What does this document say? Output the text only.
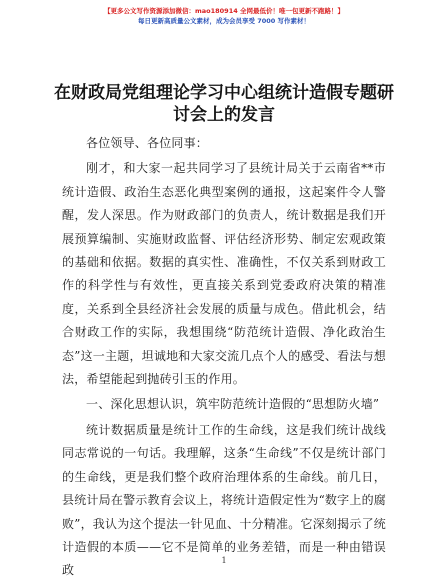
【更多公文写作资源添加微信：mao180914 全网最低价！唯一包更新不跑路！】
每日更新高质量公文素材，成为会员享受 7000 写作素材！
在财政局党组理论学习中心组统计造假专题研讨会上的发言

各位领导、各位同事：

刚才，和大家一起共同学习了县统计局关于云南省**市统计造假、政治生态恶化典型案例的通报，这起案件令人警醒，发人深思。作为财政部门的负责人，统计数据是我们开展预算编制、实施财政监督、评估经济形势、制定宏观政策的基础和依据。数据的真实性、准确性，不仅关系到财政工作的科学性与有效性，更直接关系到党委政府决策的精准度，关系到全县经济社会发展的质量与成色。借此机会，结合财政工作的实际，我想围绕“防范统计造假、净化政治生态”这一主题，坦诚地和大家交流几点个人的感受、看法与想法，希望能起到抛砖引玉的作用。

一、深化思想认识，筑牢防范统计造假的“思想防火墙”

统计数据质量是统计工作的生命线，这是我们统计战线同志常说的一句话。我理解，这条“生命线”不仅是统计部门的生命线，更是我们整个政府治理体系的生命线。前几日，县统计局在警示教育会议上，将统计造假定性为“数字上的腐败”，我认为这个提法一针见血、十分精准。它深刻揭示了统计造假的本质——它不是简单的业务差错，而是一种由错误政

1
